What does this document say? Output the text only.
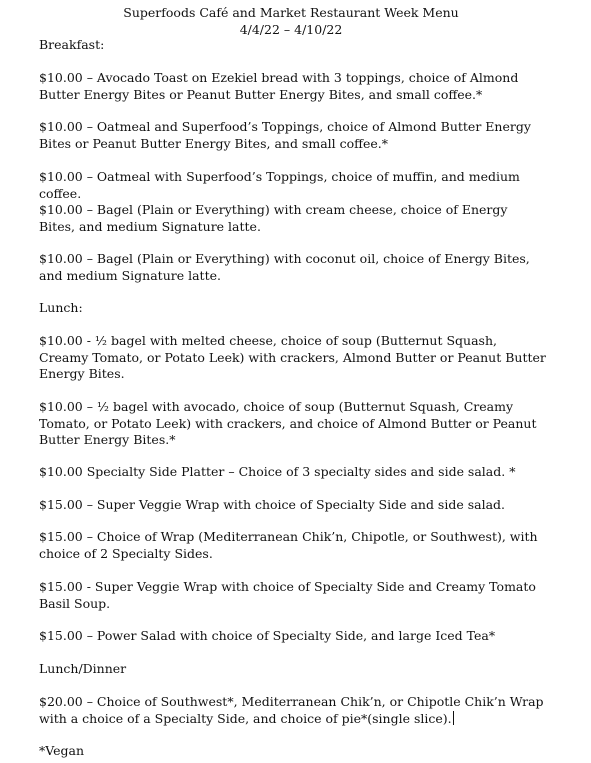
Superfoods Café and Market Restaurant Week Menu
4/4/22 – 4/10/22
Breakfast:
$10.00 – Avocado Toast on Ezekiel bread with 3 toppings, choice of Almond Butter Energy Bites or Peanut Butter Energy Bites, and small coffee.*
$10.00 – Oatmeal and Superfood’s Toppings, choice of Almond Butter Energy Bites or Peanut Butter Energy Bites, and small coffee.*
$10.00 – Oatmeal with Superfood’s Toppings, choice of muffin, and medium coffee.
$10.00 – Bagel (Plain or Everything) with cream cheese, choice of Energy Bites, and medium Signature latte.
$10.00 – Bagel (Plain or Everything) with coconut oil, choice of Energy Bites, and medium Signature latte.
Lunch:
$10.00 - ½ bagel with melted cheese, choice of soup (Butternut Squash, Creamy Tomato, or Potato Leek) with crackers, Almond Butter or Peanut Butter Energy Bites.
$10.00 – ½ bagel with avocado, choice of soup (Butternut Squash, Creamy Tomato, or Potato Leek) with crackers, and choice of Almond Butter or Peanut Butter Energy Bites.*
$10.00 Specialty Side Platter – Choice of 3 specialty sides and side salad. *
$15.00 – Super Veggie Wrap with choice of Specialty Side and side salad.
$15.00 – Choice of Wrap (Mediterranean Chik’n, Chipotle, or Southwest), with choice of 2 Specialty Sides.
$15.00 - Super Veggie Wrap with choice of Specialty Side and Creamy Tomato Basil Soup.
$15.00 – Power Salad with choice of Specialty Side, and large Iced Tea*
Lunch/Dinner
$20.00 – Choice of Southwest*, Mediterranean Chik’n, or Chipotle Chik’n Wrap with a choice of a Specialty Side, and choice of pie*(single slice).
*Vegan
